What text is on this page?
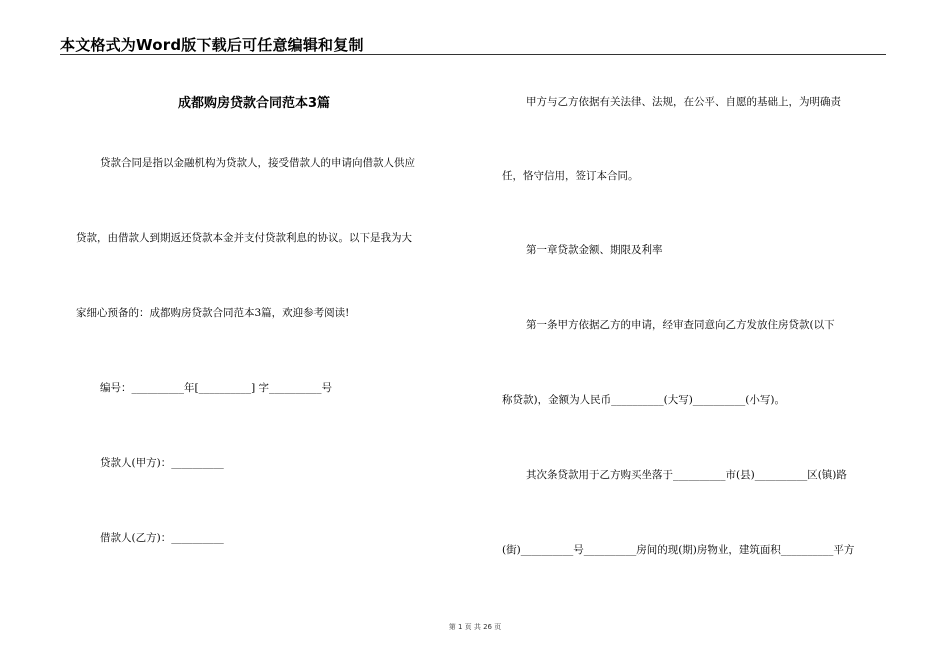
本文格式为Word版下载后可任意编辑和复制
成都购房贷款合同范本3篇
贷款合同是指以金融机构为贷款人，接受借款人的申请向借款人供应
贷款，由借款人到期返还贷款本金并支付贷款利息的协议。以下是我为大
家细心预备的：成都购房贷款合同范本3篇，欢迎参考阅读!
编号：__________年[__________] 字__________号
贷款人(甲方)：__________
借款人(乙方)：__________
甲方与乙方依据有关法律、法规，在公平、自愿的基础上，为明确责
任，恪守信用，签订本合同。
第一章贷款金额、期限及利率
第一条甲方依据乙方的申请，经审查同意向乙方发放住房贷款(以下
称贷款)，金额为人民币__________(大写)__________(小写)。
其次条贷款用于乙方购买坐落于__________市(县)__________区(镇)路
(街)__________号__________房间的现(期)房物业，建筑面积__________平方
第 1 页 共 26 页
